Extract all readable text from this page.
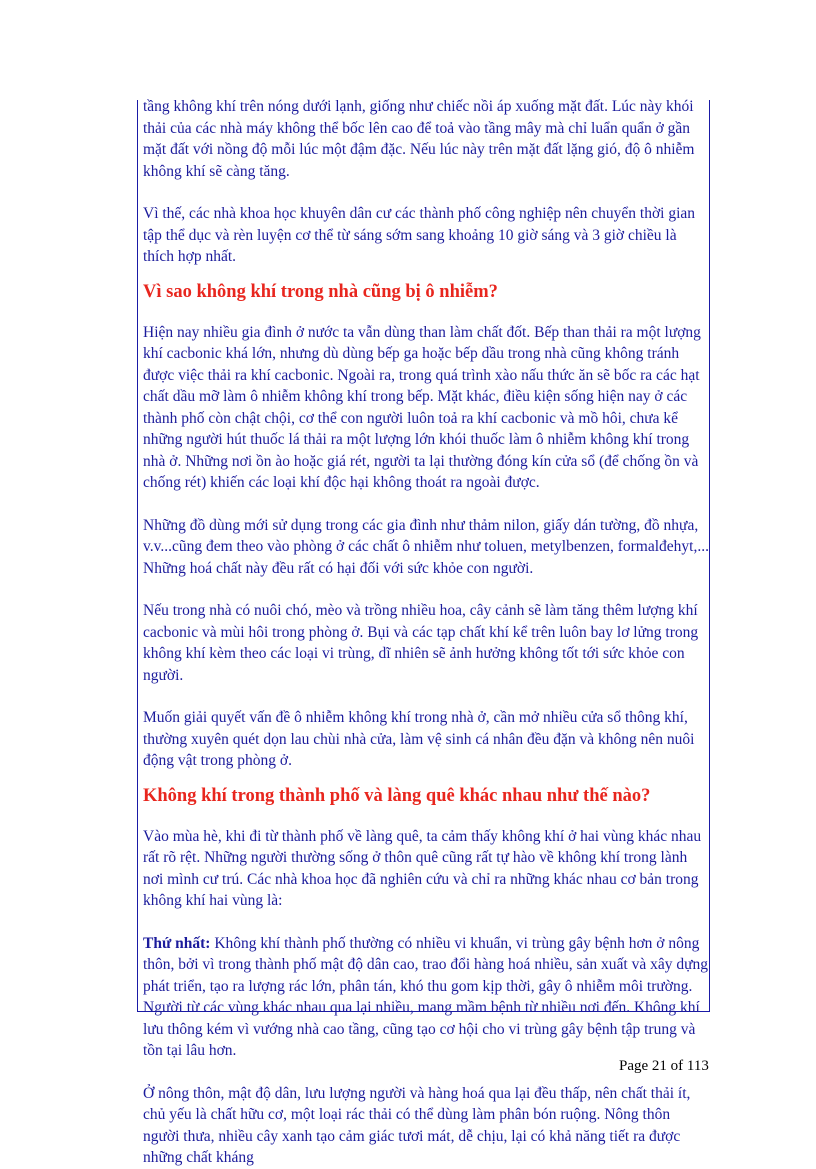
tầng không khí trên nóng dưới lạnh, giống như chiếc nồi áp xuống mặt đất. Lúc này khói thải của các nhà máy không thể bốc lên cao để toả vào tầng mây mà chỉ luẩn quẩn ở gần mặt đất với nồng độ mỗi lúc một đậm đặc. Nếu lúc này trên mặt đất lặng gió, độ ô nhiễm không khí sẽ càng tăng.

Vì thế, các nhà khoa học khuyên dân cư các thành phố công nghiệp nên chuyển thời gian tập thể dục và rèn luyện cơ thể từ sáng sớm sang khoảng 10 giờ sáng và 3 giờ chiều là thích hợp nhất.

Vì sao không khí trong nhà cũng bị ô nhiễm?

Hiện nay nhiều gia đình ở nước ta vẫn dùng than làm chất đốt. Bếp than thải ra một lượng khí cacbonic khá lớn, nhưng dù dùng bếp ga hoặc bếp dầu trong nhà cũng không tránh được việc thải ra khí cacbonic. Ngoài ra, trong quá trình xào nấu thức ăn sẽ bốc ra các hạt chất dầu mỡ làm ô nhiễm không khí trong bếp. Mặt khác, điều kiện sống hiện nay ở các thành phố còn chật chội, cơ thể con người luôn toả ra khí cacbonic và mồ hôi, chưa kể những người hút thuốc lá thải ra một lượng lớn khói thuốc làm ô nhiễm không khí trong nhà ở. Những nơi ồn ào hoặc giá rét, người ta lại thường đóng kín cửa sổ (để chống ồn và chống rét) khiến các loại khí độc hại không thoát ra ngoài được.

Những đồ dùng mới sử dụng trong các gia đình như thảm nilon, giấy dán tường, đồ nhựa, v.v...cũng đem theo vào phòng ở các chất ô nhiễm như toluen, metylbenzen, formalđehyt,... Những hoá chất này đều rất có hại đối với sức khỏe con người.

Nếu trong nhà có nuôi chó, mèo và trồng nhiều hoa, cây cảnh sẽ làm tăng thêm lượng khí cacbonic và mùi hôi trong phòng ở. Bụi và các tạp chất khí kể trên luôn bay lơ lửng trong không khí kèm theo các loại vi trùng, dĩ nhiên sẽ ảnh hưởng không tốt tới sức khỏe con người.

Muốn giải quyết vấn đề ô nhiễm không khí trong nhà ở, cần mở nhiều cửa sổ thông khí, thường xuyên quét dọn lau chùi nhà cửa, làm vệ sinh cá nhân đều đặn và không nên nuôi động vật trong phòng ở.

Không khí trong thành phố và làng quê khác nhau như thế nào?

Vào mùa hè, khi đi từ thành phố về làng quê, ta cảm thấy không khí ở hai vùng khác nhau rất rõ rệt. Những người thường sống ở thôn quê cũng rất tự hào về không khí trong lành nơi mình cư trú. Các nhà khoa học đã nghiên cứu và chỉ ra những khác nhau cơ bản trong không khí hai vùng là:

Thứ nhất: Không khí thành phố thường có nhiều vi khuẩn, vi trùng gây bệnh hơn ở nông thôn, bởi vì trong thành phố mật độ dân cao, trao đổi hàng hoá nhiều, sản xuất và xây dựng phát triển, tạo ra lượng rác lớn, phân tán, khó thu gom kịp thời, gây ô nhiễm môi trường. Người từ các vùng khác nhau qua lại nhiều, mang mầm bệnh từ nhiều nơi đến. Không khí lưu thông kém vì vướng nhà cao tầng, cũng tạo cơ hội cho vi trùng gây bệnh tập trung và tồn tại lâu hơn.

Ở nông thôn, mật độ dân, lưu lượng người và hàng hoá qua lại đều thấp, nên chất thải ít, chủ yếu là chất hữu cơ, một loại rác thải có thể dùng làm phân bón ruộng. Nông thôn người thưa, nhiều cây xanh tạo cảm giác tươi mát, dễ chịu, lại có khả năng tiết ra được những chất kháng

Page 21 of 113
